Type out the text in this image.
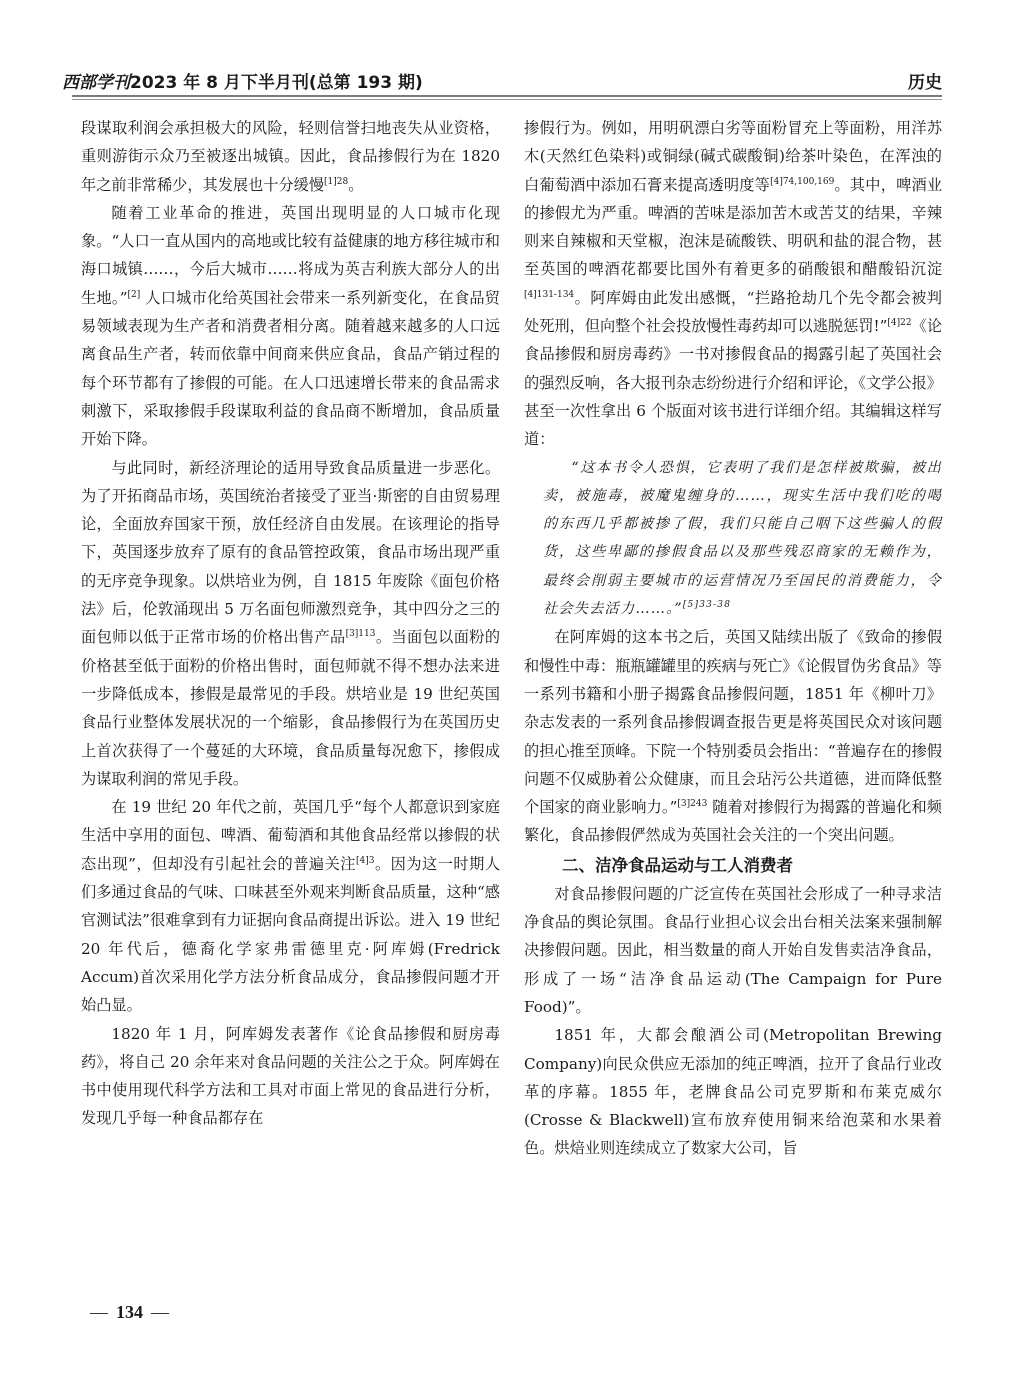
西部学刊2023 年 8 月下半月刊(总第 193 期)	历史

段谋取利润会承担极大的风险，轻则信誉扫地丧失从业资格，重则游街示众乃至被逐出城镇。因此，食品掺假行为在 1820 年之前非常稀少，其发展也十分缓慢$^{[1]28}$。

随着工业革命的推进，英国出现明显的人口城市化现象。“人口一直从国内的高地或比较有益健康的地方移往城市和海口城镇……，今后大城市……将成为英吉利族大部分人的出生地。”[2] 人口城市化给英国社会带来一系列新变化，在食品贸易领域表现为生产者和消费者相分离。随着越来越多的人口远离食品生产者，转而依靠中间商来供应食品，食品产销过程的每个环节都有了掺假的可能。在人口迅速增长带来的食品需求刺激下，采取掺假手段谋取利益的食品商不断增加，食品质量开始下降。

与此同时，新经济理论的适用导致食品质量进一步恶化。为了开拓商品市场，英国统治者接受了亚当·斯密的自由贸易理论，全面放弃国家干预，放任经济自由发展。在该理论的指导下，英国逐步放弃了原有的食品管控政策，食品市场出现严重的无序竞争现象。以烘培业为例，自 1815 年废除《面包价格法》后，伦敦涌现出 5 万名面包师激烈竞争，其中四分之三的面包师以低于正常市场的价格出售产品$^{[3]113}$。当面包以面粉的价格甚至低于面粉的价格出售时，面包师就不得不想办法来进一步降低成本，掺假是最常见的手段。烘培业是 19 世纪英国食品行业整体发展状况的一个缩影，食品掺假行为在英国历史上首次获得了一个蔓延的大环境，食品质量每况愈下，掺假成为谋取利润的常见手段。

在 19 世纪 20 年代之前，英国几乎“每个人都意识到家庭生活中享用的面包、啤酒、葡萄酒和其他食品经常以掺假的状态出现”，但却没有引起社会的普遍关注$^{[4]3}$。因为这一时期人们多通过食品的气味、口味甚至外观来判断食品质量，这种“感官测试法”很难拿到有力证据向食品商提出诉讼。进入 19 世纪 20 年代后，德裔化学家弗雷德里克·阿库姆(Fredrick Accum)首次采用化学方法分析食品成分，食品掺假问题才开始凸显。

1820 年 1 月，阿库姆发表著作《论食品掺假和厨房毒药》，将自己 20 余年来对食品问题的关注公之于众。阿库姆在书中使用现代科学方法和工具对市面上常见的食品进行分析，发现几乎每一种食品都存在

掺假行为。例如，用明矾漂白劣等面粉冒充上等面粉，用洋苏木(天然红色染料)或铜绿(碱式碳酸铜)给茶叶染色，在浑浊的白葡萄酒中添加石膏来提高透明度等$^{[4]74,100,169}$。其中，啤酒业的掺假尤为严重。啤酒的苦味是添加苦木或苦艾的结果，辛辣则来自辣椒和天堂椒，泡沫是硫酸铁、明矾和盐的混合物，甚至英国的啤酒花都要比国外有着更多的硝酸银和醋酸铅沉淀$^{[4]131-134}$。阿库姆由此发出感慨，“拦路抢劫几个先令都会被判处死刑，但向整个社会投放慢性毒药却可以逃脱惩罚!”$^{[4]22}$《论食品掺假和厨房毒药》一书对掺假食品的揭露引起了英国社会的强烈反响，各大报刊杂志纷纷进行介绍和评论，《文学公报》甚至一次性拿出 6 个版面对该书进行详细介绍。其编辑这样写道：

“这本书令人恐惧，它表明了我们是怎样被欺骗，被出卖，被施毒，被魔鬼缠身的……，现实生活中我们吃的喝的东西几乎都被掺了假，我们只能自己咽下这些骗人的假货，这些卑鄙的掺假食品以及那些残忍商家的无赖作为，最终会削弱主要城市的运营情况乃至国民的消费能力，令社会失去活力……。”$^{[5]33-38}$

在阿库姆的这本书之后，英国又陆续出版了《致命的掺假和慢性中毒：瓶瓶罐罐里的疾病与死亡》《论假冒伪劣食品》等一系列书籍和小册子揭露食品掺假问题，1851 年《柳叶刀》杂志发表的一系列食品掺假调查报告更是将英国民众对该问题的担心推至顶峰。下院一个特别委员会指出：“普遍存在的掺假问题不仅威胁着公众健康，而且会玷污公共道德，进而降低整个国家的商业影响力。”$^{[3]243}$ 随着对掺假行为揭露的普遍化和频繁化，食品掺假俨然成为英国社会关注的一个突出问题。

二、洁净食品运动与工人消费者

对食品掺假问题的广泛宣传在英国社会形成了一种寻求洁净食品的舆论氛围。食品行业担心议会出台相关法案来强制解决掺假问题。因此，相当数量的商人开始自发售卖洁净食品，形成了一场“洁净食品运动(The Campaign for Pure Food)”。

1851 年，大都会酿酒公司(Metropolitan Brewing Company)向民众供应无添加的纯正啤酒，拉开了食品行业改革的序幕。1855 年，老牌食品公司克罗斯和布莱克威尔(Crosse & Blackwell)宣布放弃使用铜来给泡菜和水果着色。烘焙业则连续成立了数家大公司，旨

— 134 —
